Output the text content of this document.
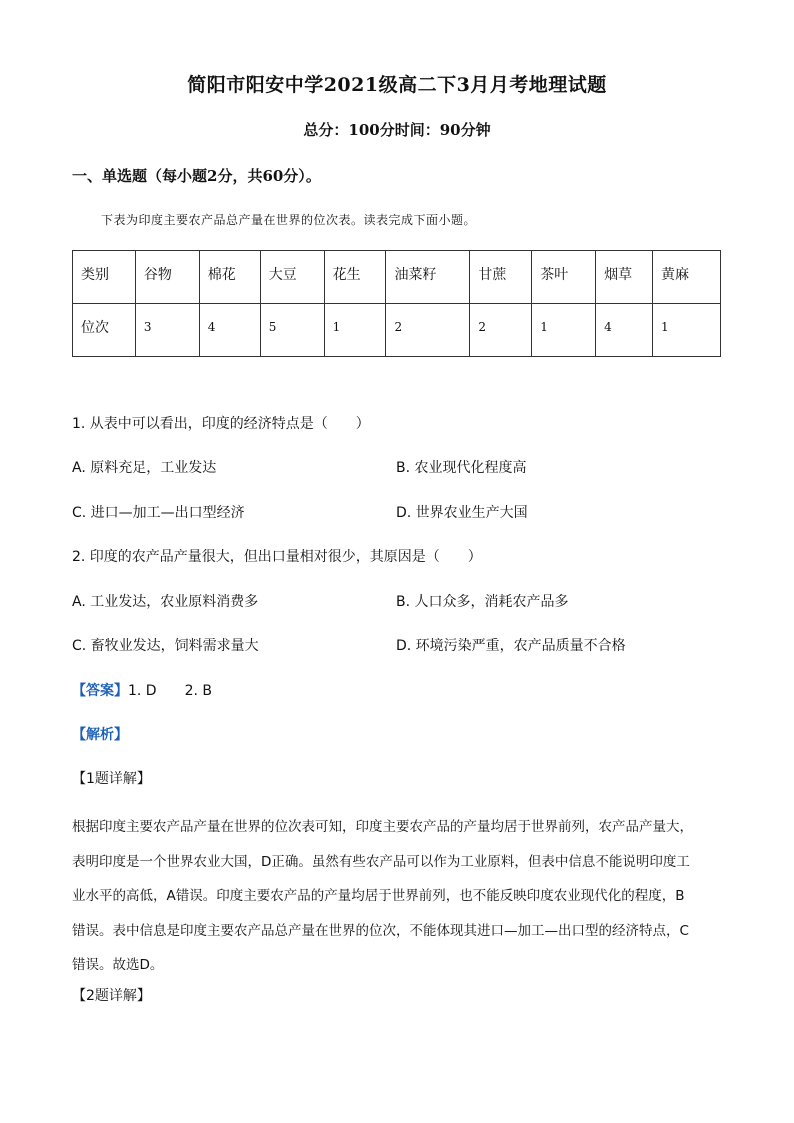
简阳市阳安中学2021级高二下3月月考地理试题
总分：100分时间：90分钟
一、单选题（每小题2分，共60分）。
下表为印度主要农产品总产量在世界的位次表。读表完成下面小题。
类别	谷物	棉花	大豆	花生	油菜籽	甘蔗	茶叶	烟草	黄麻
位次	3	4	5	1	2	2	1	4	1
1. 从表中可以看出，印度的经济特点是（　　）
A. 原料充足，工业发达	B. 农业现代化程度高
C. 进口—加工—出口型经济	D. 世界农业生产大国
2. 印度的农产品产量很大，但出口量相对很少，其原因是（　　）
A. 工业发达，农业原料消费多	B. 人口众多，消耗农产品多
C. 畜牧业发达，饲料需求量大	D. 环境污染严重，农产品质量不合格
【答案】1. D　　2. B
【解析】
【1题详解】
根据印度主要农产品产量在世界的位次表可知，印度主要农产品的产量均居于世界前列，农产品产量大，
表明印度是一个世界农业大国，D正确。虽然有些农产品可以作为工业原料，但表中信息不能说明印度工
业水平的高低，A错误。印度主要农产品的产量均居于世界前列，也不能反映印度农业现代化的程度，B
错误。表中信息是印度主要农产品总产量在世界的位次，不能体现其进口—加工—出口型的经济特点，C
错误。故选D。
【2题详解】
